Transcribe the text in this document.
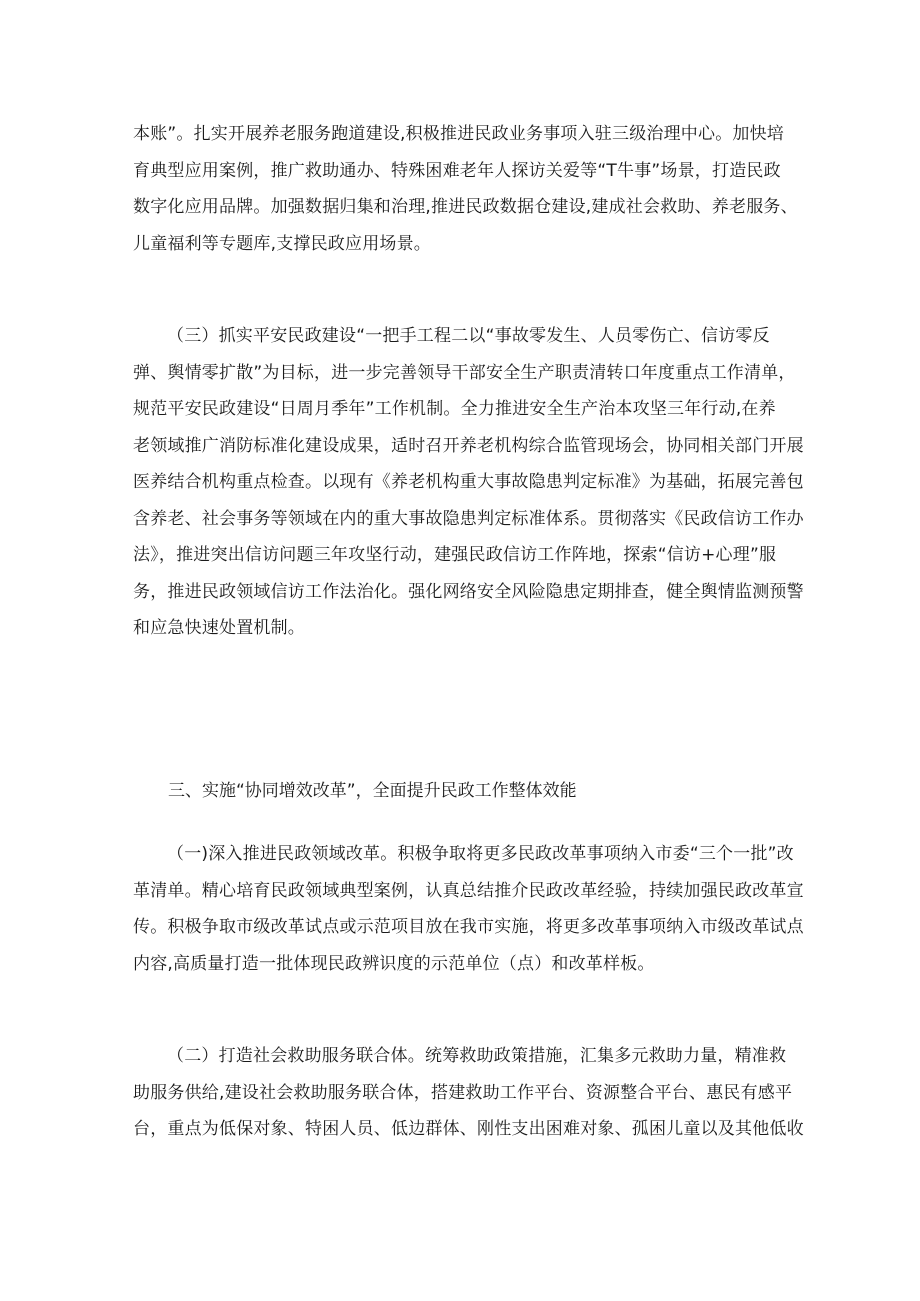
本账”。扎实开展养老服务跑道建设,积极推进民政业务事项入驻三级治理中心。加快培
育典型应用案例，推广救助通办、特殊困难老年人探访关爱等“T牛事”场景，打造民政
数字化应用品牌。加强数据归集和治理,推进民政数据仓建设,建成社会救助、养老服务、
儿童福利等专题库,支撑民政应用场景。

（三）抓实平安民政建设“一把手工程二以“事故零发生、人员零伤亡、信访零反
弹、舆情零扩散”为目标，进一步完善领导干部安全生产职责清转口年度重点工作清单，
规范平安民政建设“日周月季年”工作机制。全力推进安全生产治本攻坚三年行动,在养
老领域推广消防标准化建设成果，适时召开养老机构综合监管现场会，协同相关部门开展
医养结合机构重点检查。以现有《养老机构重大事故隐患判定标准》为基础，拓展完善包
含养老、社会事务等领域在内的重大事故隐患判定标准体系。贯彻落实《民政信访工作办
法》，推进突出信访问题三年攻坚行动，建强民政信访工作阵地，探索“信访+心理”服
务，推进民政领域信访工作法治化。强化网络安全风险隐患定期排查，健全舆情监测预警
和应急快速处置机制。

三、实施“协同增效改革”，全面提升民政工作整体效能

（一)深入推进民政领域改革。积极争取将更多民政改革事项纳入市委“三个一批”改
革清单。精心培育民政领域典型案例，认真总结推介民政改革经验，持续加强民政改革宣
传。积极争取市级改革试点或示范项目放在我市实施，将更多改革事项纳入市级改革试点
内容,高质量打造一批体现民政辨识度的示范单位（点）和改革样板。

（二）打造社会救助服务联合体。统筹救助政策措施，汇集多元救助力量，精准救
助服务供给,建设社会救助服务联合体，搭建救助工作平台、资源整合平台、惠民有感平
台，重点为低保对象、特困人员、低边群体、刚性支出困难对象、孤困儿童以及其他低收
